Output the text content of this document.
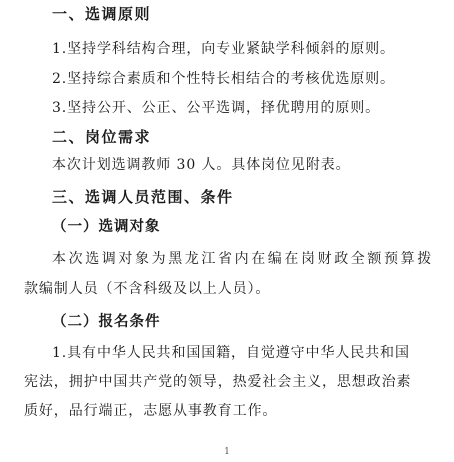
一、选调原则
1.坚持学科结构合理，向专业紧缺学科倾斜的原则。
2.坚持综合素质和个性特长相结合的考核优选原则。
3.坚持公开、公正、公平选调，择优聘用的原则。
二、岗位需求
本次计划选调教师 30 人。具体岗位见附表。
三、选调人员范围、条件
（一）选调对象
本次选调对象为黑龙江省内在编在岗财政全额预算拨
款编制人员（不含科级及以上人员）。
（二）报名条件
1.具有中华人民共和国国籍，自觉遵守中华人民共和国
宪法，拥护中国共产党的领导，热爱社会主义，思想政治素
质好，品行端正，志愿从事教育工作。
1
